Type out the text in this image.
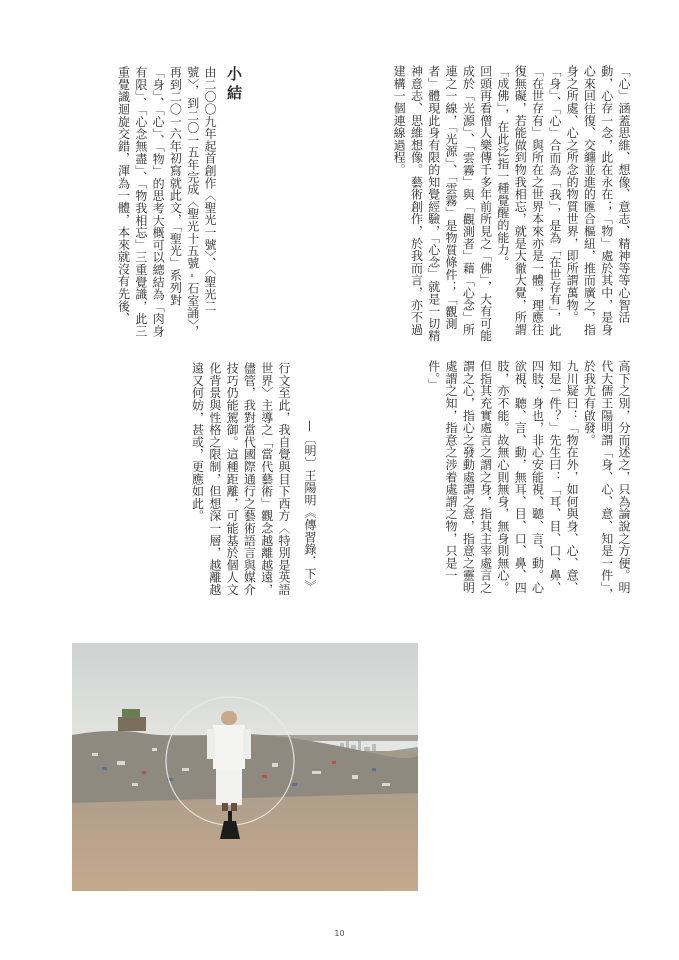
「心」涵蓋思維、想像、意志、精神等等心智活動，心存一念，此在永在；「物」處於其中，是身心來回往復、交纏並進的匯合樞紐，推而廣之，指身之所處、心之所念的物質世界，即所謂萬物。「身」、「心」合而為「我」，是為「在世存有」，此「在世存有」與所在之世界本來亦是一體，理應往復無礙，若能做到物我相忘，就是大徹大覺，所謂「成佛」，在此泛指一種覺醒的能力。
回頭再看僧人樂傳千多年前所見之「佛」，大有可能成於「光源」、「雲霧」與「觀測者」藉「心念」所連之一線，「光源」、「雲霧」是物質條件；「觀測者」體現此身有限的知覺經驗，「心念」就是一切精神意志、思維想像。藝術創作，於我而言，亦不過建構一個連線過程。
小結
由二〇〇九年起首創作〈聖光一號〉、〈聖光二號〉，到二〇一五年完成〈聖光十五號 - 石室誦〉，再到二〇一六年初寫就此文，「聖光」系列對「身」、「心」、「物」的思考大概可以總結為「肉身有限」、「心念無盡」、「物我相忘」三重覺識，此三重覺識迴旋交錯，渾為一體，本來就沒有先後、
高下之別，分而述之，只為論說之方便。明代大儒王陽明謂「身、心、意、知是一件」，於我尤有啟發。
九川疑曰：「物在外，如何與身、心、意、知是一件？」先生曰：「耳、目、口、鼻、四肢，身也，非心安能視、聽、言、動。心欲視、聽、言、動，無耳、目、口、鼻、四肢，亦不能。故無心則無身，無身則無心。但指其充實處言之謂之身，指其主宰處言之謂之心，指心之發動處謂之意，指意之靈明處謂之知，指意之涉着處謂之物，只是一件。」
—〔明〕王陽明《傳習錄．下》
行文至此，我自覺與目下西方〈特別是英語世界〉主導之「當代藝術」觀念越離越遠，儘管，我對當代國際通行之藝術語言與媒介技巧仍能駕御。這種距離，可能基於個人文化背景與性格之限制，但想深一層，越離越遠又何妨，甚或，更應如此。
10
